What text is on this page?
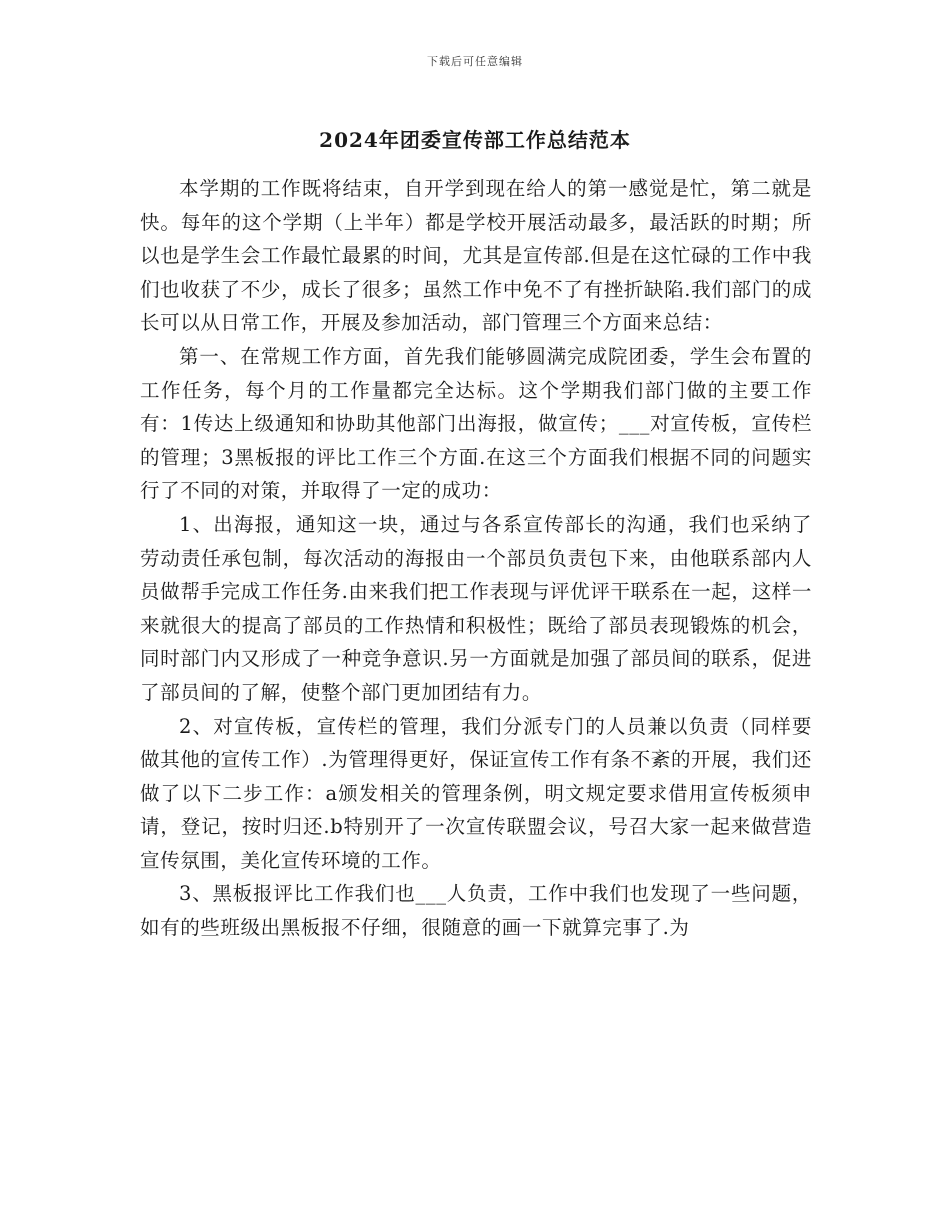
下载后可任意编辑
2024年团委宣传部工作总结范本

本学期的工作既将结束，自开学到现在给人的第一感觉是忙，第二就是快。每年的这个学期（上半年）都是学校开展活动最多，最活跃的时期；所以也是学生会工作最忙最累的时间，尤其是宣传部.但是在这忙碌的工作中我们也收获了不少，成长了很多；虽然工作中免不了有挫折缺陷.我们部门的成长可以从日常工作，开展及参加活动，部门管理三个方面来总结：

第一、在常规工作方面，首先我们能够圆满完成院团委，学生会布置的工作任务，每个月的工作量都完全达标。这个学期我们部门做的主要工作有：1传达上级通知和协助其他部门出海报，做宣传；___对宣传板，宣传栏的管理；3黑板报的评比工作三个方面.在这三个方面我们根据不同的问题实行了不同的对策，并取得了一定的成功：

1、出海报，通知这一块，通过与各系宣传部长的沟通，我们也采纳了劳动责任承包制，每次活动的海报由一个部员负责包下来，由他联系部内人员做帮手完成工作任务.由来我们把工作表现与评优评干联系在一起，这样一来就很大的提高了部员的工作热情和积极性；既给了部员表现锻炼的机会，同时部门内又形成了一种竞争意识.另一方面就是加强了部员间的联系，促进了部员间的了解，使整个部门更加团结有力。

2、对宣传板，宣传栏的管理，我们分派专门的人员兼以负责（同样要做其他的宣传工作）.为管理得更好，保证宣传工作有条不紊的开展，我们还做了以下二步工作：a颁发相关的管理条例，明文规定要求借用宣传板须申请，登记，按时归还.b特别开了一次宣传联盟会议，号召大家一起来做营造宣传氛围，美化宣传环境的工作。

3、黑板报评比工作我们也___人负责，工作中我们也发现了一些问题，如有的些班级出黑板报不仔细，很随意的画一下就算完事了.为
